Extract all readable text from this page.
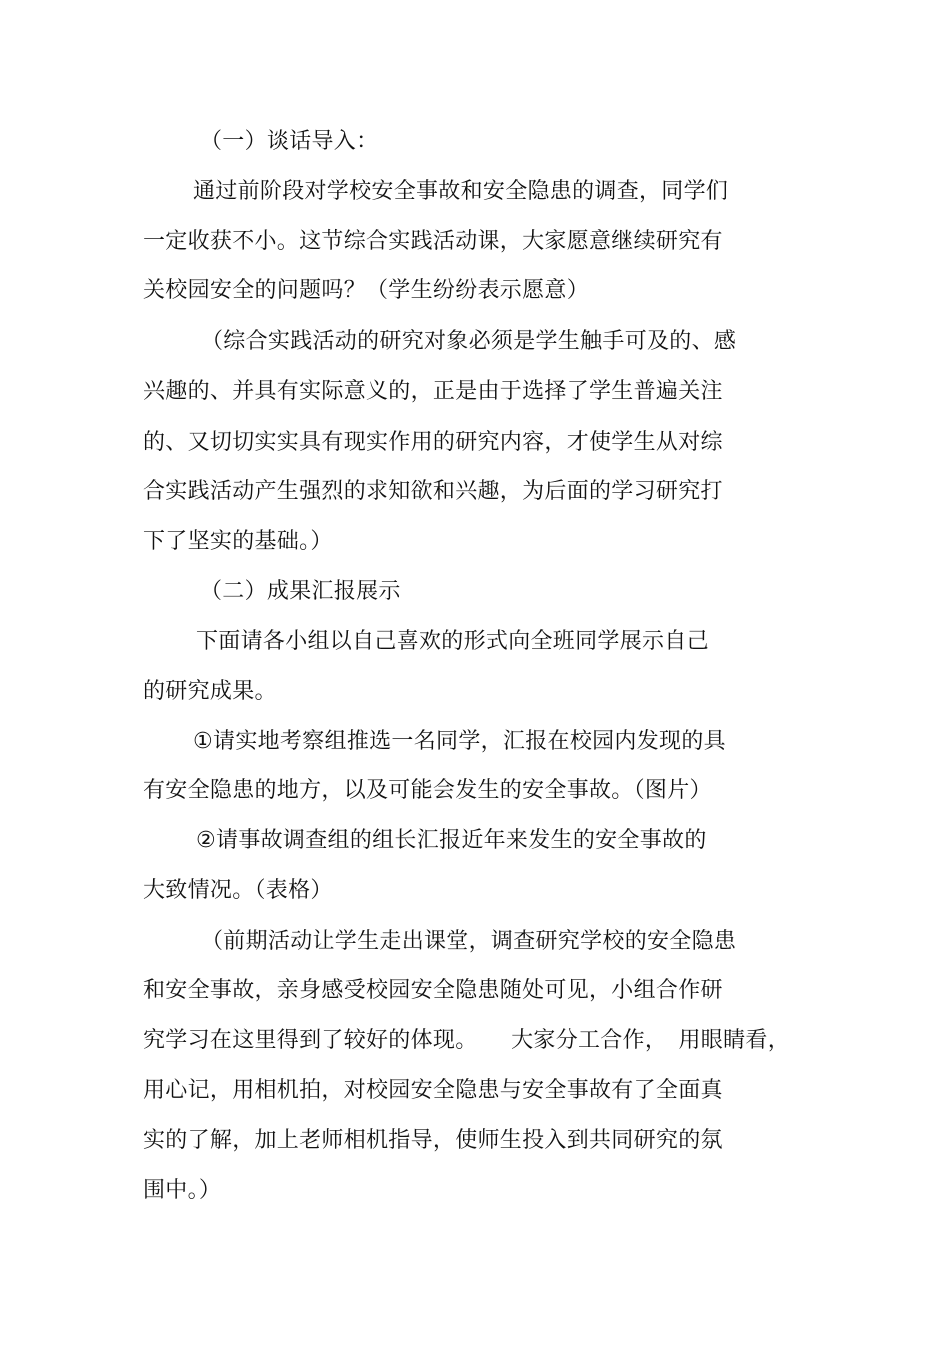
（一）谈话导入：
通过前阶段对学校安全事故和安全隐患的调查，同学们
一定收获不小。这节综合实践活动课，大家愿意继续研究有
关校园安全的问题吗？（学生纷纷表示愿意）
（综合实践活动的研究对象必须是学生触手可及的、感
兴趣的、并具有实际意义的，正是由于选择了学生普遍关注
的、又切切实实具有现实作用的研究内容，才使学生从对综
合实践活动产生强烈的求知欲和兴趣，为后面的学习研究打
下了坚实的基础。）
（二）成果汇报展示
下面请各小组以自己喜欢的形式向全班同学展示自己
的研究成果。
①请实地考察组推选一名同学，汇报在校园内发现的具
有安全隐患的地方，以及可能会发生的安全事故。（图片）
②请事故调查组的组长汇报近年来发生的安全事故的
大致情况。（表格）
（前期活动让学生走出课堂，调查研究学校的安全隐患
和安全事故，亲身感受校园安全隐患随处可见，小组合作研
究学习在这里得到了较好的体现。　　大家分工合作，　用眼睛看，
用心记，用相机拍，对校园安全隐患与安全事故有了全面真
实的了解，加上老师相机指导，使师生投入到共同研究的氛
围中。）
